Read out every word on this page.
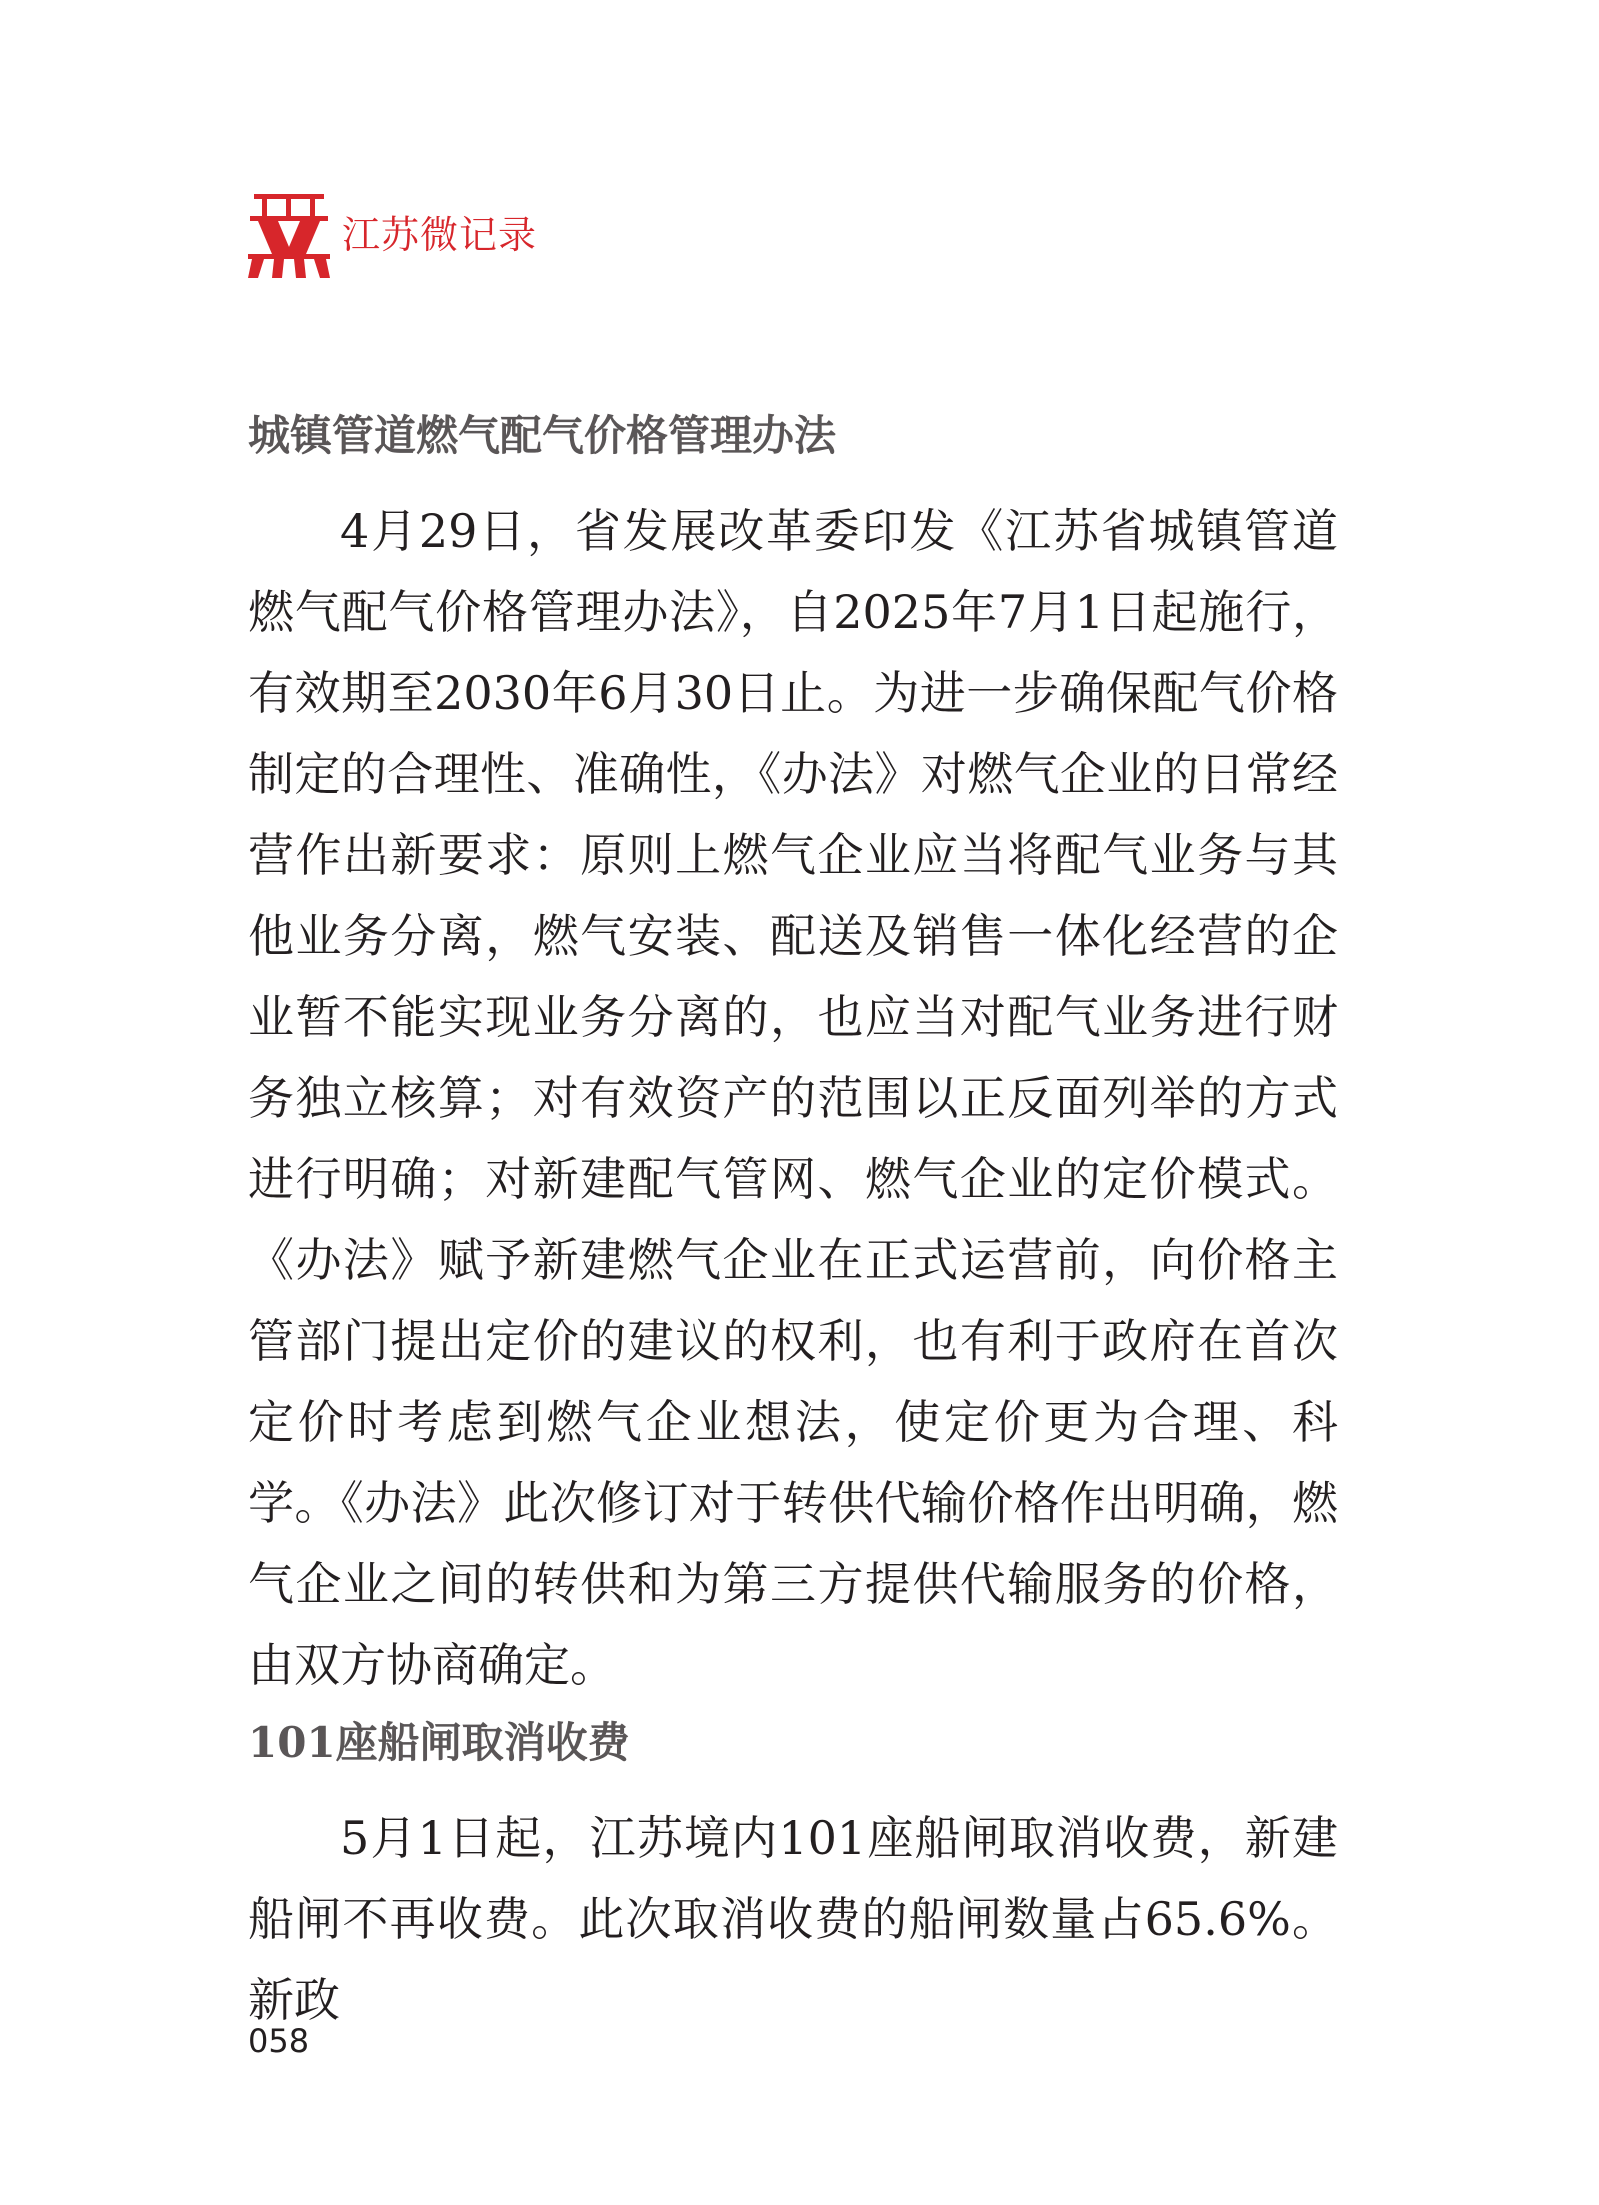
江苏微记录
城镇管道燃气配气价格管理办法

4月29日，省发展改革委印发《江苏省城镇管道燃气配气价格管理办法》，自2025年7月1日起施行，有效期至2030年6月30日止。为进一步确保配气价格制定的合理性、准确性，《办法》对燃气企业的日常经营作出新要求：原则上燃气企业应当将配气业务与其他业务分离，燃气安装、配送及销售一体化经营的企业暂不能实现业务分离的，也应当对配气业务进行财务独立核算；对有效资产的范围以正反面列举的方式进行明确；对新建配气管网、燃气企业的定价模式。《办法》赋予新建燃气企业在正式运营前，向价格主管部门提出定价的建议的权利，也有利于政府在首次定价时考虑到燃气企业想法，使定价更为合理、科学。《办法》此次修订对于转供代输价格作出明确，燃气企业之间的转供和为第三方提供代输服务的价格，由双方协商确定。

101座船闸取消收费

5月1日起，江苏境内101座船闸取消收费，新建船闸不再收费。此次取消收费的船闸数量占65.6%。新政

058
